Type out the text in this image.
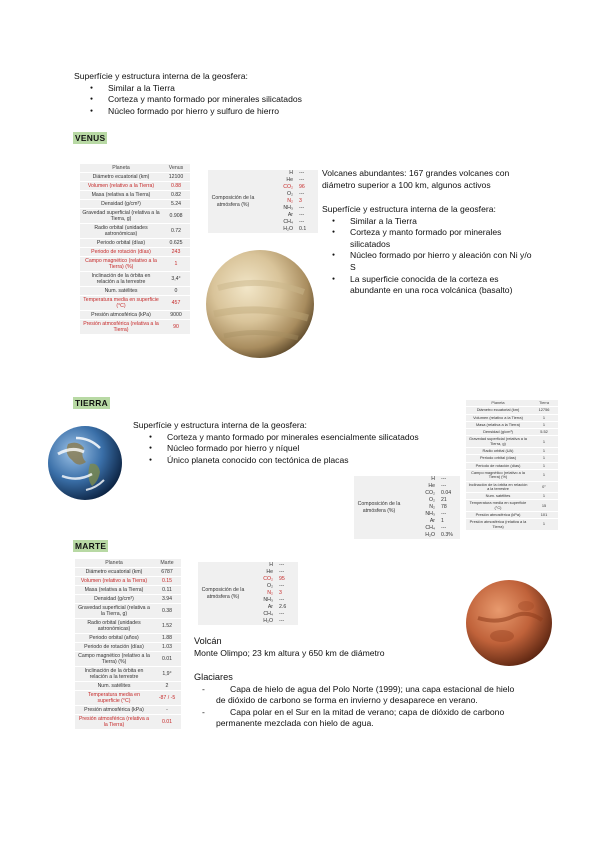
Superfície y estructura interna de la geosfera:
● Similar a la Tierra
● Corteza y manto formado por minerales silicatados
● Núcleo formado por hierro y sulfuro de hierro
VENUS
Planeta	Venus
Diámetro ecuatorial (km)	12100
Volumen (relativo a la Tierra)	0.88
Masa (relativa a la Tierra)	0.82
Densidad (g/cm³)	5.24
Gravedad superficial (relativa a la Tierra, g)	0.908
Radio orbital (unidades astronómicas)	0.72
Periodo orbital (días)	0.625
Periodo de rotación (días)	243
Campo magnético (relativo a la Tierra) (%)	1
Inclinación de la órbita en relación a la terrestre	3,4°
Num. satélites	0
Temperatura media en superficie (°C)	457
Presión atmosférica (kPa)	9000
Presión atmosférica (relativa a la Tierra)	90
Composición de la atmósfera (%)	H	---
	He	---
	CO₂	96
	O₂	---
	N₂	3
	NH₃	---
	Ar	---
	CH₄	---
	H₂O	0.1
Volcanes abundantes: 167 grandes volcanes con diámetro superior a 100 km, algunos activos
Superfície y estructura interna de la geosfera:
● Similar a la Tierra
● Corteza y manto formado por minerales silicatados
● Núcleo formado por hierro y aleación con Ni y/o S
● La superficie conocida de la corteza es abundante en una roca volcánica (basalto)
TIERRA
Superfície y estructura interna de la geosfera:
● Corteza y manto formado por minerales esencialmente silicatados
● Núcleo formado por hierro y níquel
● Único planeta conocido con tectónica de placas
Planeta	Tierra
Diámetro ecuatorial (km)	12756
Volumen (relativo a la Tierra)	1
Masa (relativa a la Tierra)	1
Densidad (g/cm³)	5.52
Gravedad superficial (relativa a la Tierra, g)	1
Radio orbital (UA)	1
Periodo orbital (días)	1
Periodo de rotación (días)	1
Campo magnético (relativo a la Tierra) (%)	1
Inclinación de la órbita en relación a la terrestre	0°
Num. satélites	1
Temperatura media en superficie (°C)	15
Presión atmosférica (kPa)	101
Presión atmosférica (relativa a la Tierra)	1
Composición de la atmósfera (%)	H	---
	He	---
	CO₂	0.04
	O₂	21
	N₂	78
	NH₃	---
	Ar	1
	CH₄	---
	H₂O	0.3%
MARTE
Planeta	Marte
Diámetro ecuatorial (km)	6787
Volumen (relativo a la Tierra)	0.15
Masa (relativa a la Tierra)	0.11
Densidad (g/cm³)	3.94
Gravedad superficial (relativa a la Tierra, g)	0.38
Radio orbital (unidades astronómicas)	1.52
Periodo orbital (años)	1.88
Periodo de rotación (días)	1.03
Campo magnético (relativo a la Tierra) (%)	0.01
Inclinación de la órbita en relación a la terrestre	1,9°
Num. satélites	2
Temperatura media en superficie (°C)	-87 / -5
Presión atmosférica (kPa)	-
Presión atmosférica (relativa a la Tierra)	0.01
Composición de la atmósfera (%)	H	---
	He	---
	CO₂	95
	O₂	---
	N₂	3
	NH₃	---
	Ar	2.6
	CH₄	---
	H₂O	---
Volcán
Monte Olimpo; 23 km altura y 650 km de diámetro
Glaciares
- Capa de hielo de agua del Polo Norte (1999); una capa estacional de hielo de dióxido de carbono se forma en invierno y desaparece en verano.
- Capa polar en el Sur en la mitad de verano; capa de dióxido de carbono permanente mezclada con hielo de agua.
